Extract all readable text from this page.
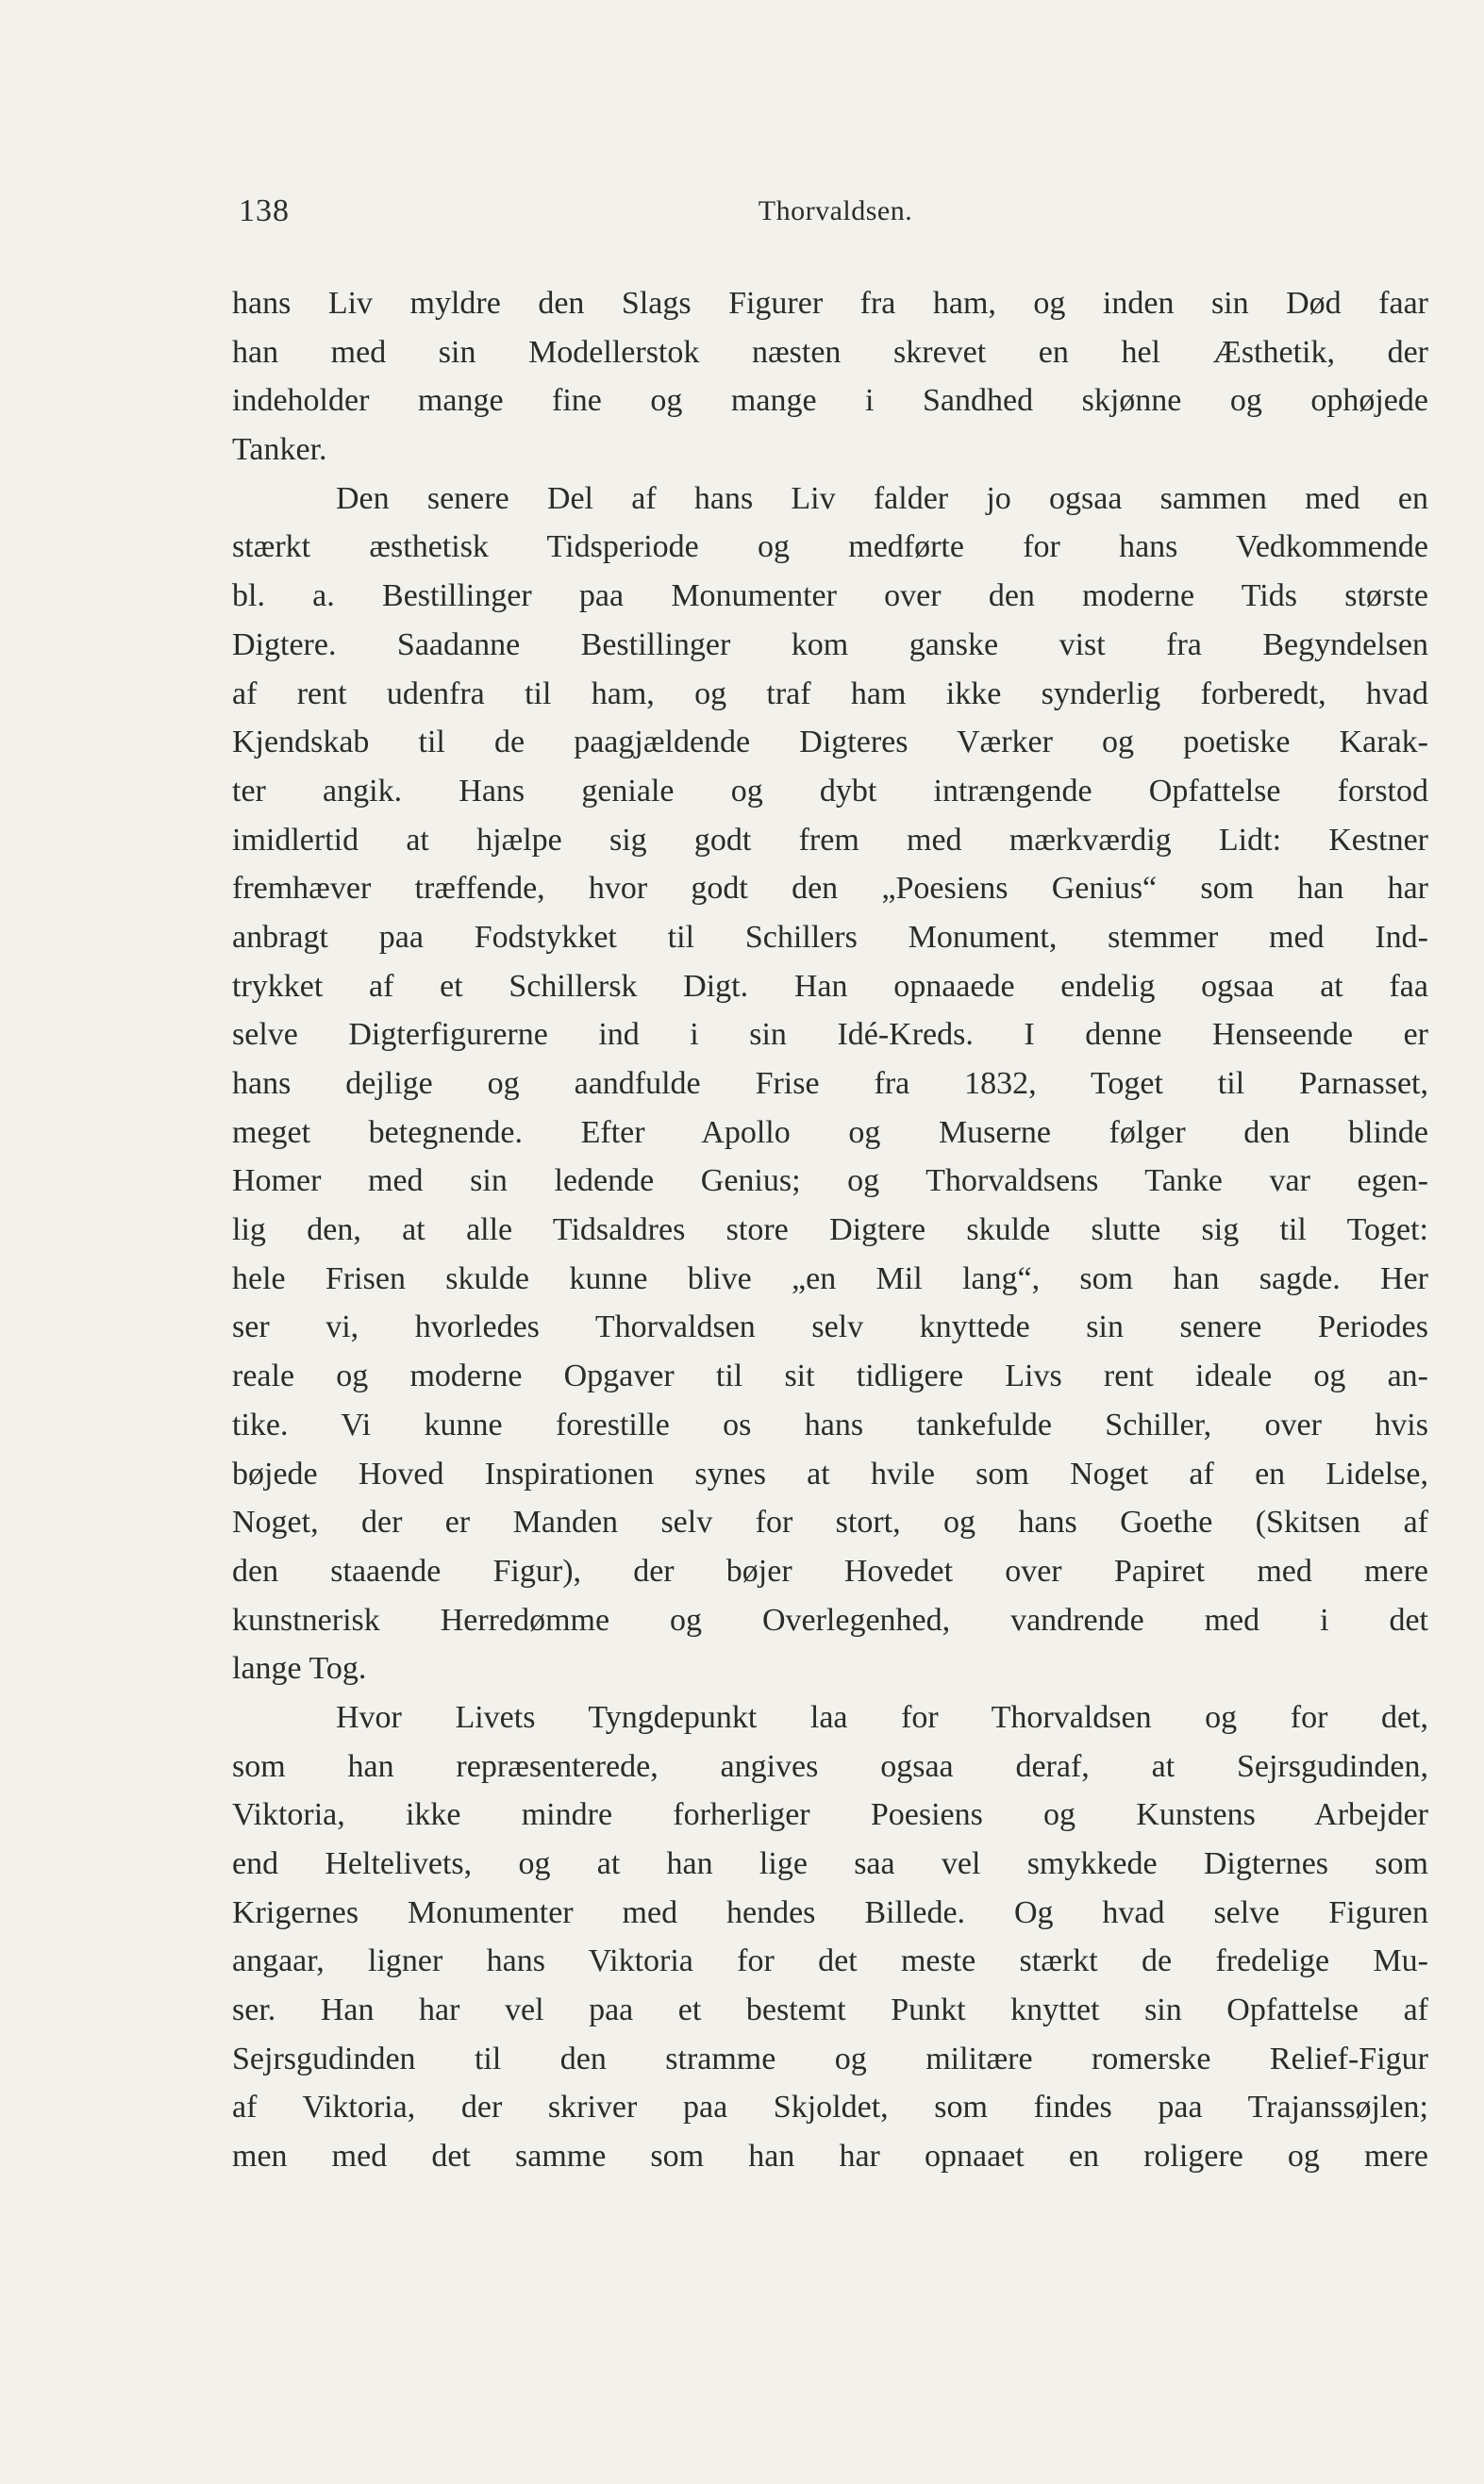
138	Thorvaldsen.
hans Liv myldre den Slags Figurer fra ham, og inden sin Død faar
han med sin Modellerstok næsten skrevet en hel Æsthetik, der
indeholder mange fine og mange i Sandhed skjønne og ophøjede
Tanker.
Den senere Del af hans Liv falder jo ogsaa sammen med en
stærkt æsthetisk Tidsperiode og medførte for hans Vedkommende
bl. a. Bestillinger paa Monumenter over den moderne Tids største
Digtere. Saadanne Bestillinger kom ganske vist fra Begyndelsen
af rent udenfra til ham, og traf ham ikke synderlig forberedt, hvad
Kjendskab til de paagjældende Digteres Værker og poetiske Karak-
ter angik. Hans geniale og dybt intrængende Opfattelse forstod
imidlertid at hjælpe sig godt frem med mærkværdig Lidt: Kestner
fremhæver træffende, hvor godt den „Poesiens Genius“ som han har
anbragt paa Fodstykket til Schillers Monument, stemmer med Ind-
trykket af et Schillersk Digt. Han opnaaede endelig ogsaa at faa
selve Digterfigurerne ind i sin Idé-Kreds. I denne Henseende er
hans dejlige og aandfulde Frise fra 1832, Toget til Parnasset,
meget betegnende. Efter Apollo og Muserne følger den blinde
Homer med sin ledende Genius; og Thorvaldsens Tanke var egen-
lig den, at alle Tidsaldres store Digtere skulde slutte sig til Toget:
hele Frisen skulde kunne blive „en Mil lang“, som han sagde. Her
ser vi, hvorledes Thorvaldsen selv knyttede sin senere Periodes
reale og moderne Opgaver til sit tidligere Livs rent ideale og an-
tike. Vi kunne forestille os hans tankefulde Schiller, over hvis
bøjede Hoved Inspirationen synes at hvile som Noget af en Lidelse,
Noget, der er Manden selv for stort, og hans Goethe (Skitsen af
den staaende Figur), der bøjer Hovedet over Papiret med mere
kunstnerisk Herredømme og Overlegenhed, vandrende med i det
lange Tog.
Hvor Livets Tyngdepunkt laa for Thorvaldsen og for det,
som han repræsenterede, angives ogsaa deraf, at Sejrsgudinden,
Viktoria, ikke mindre forherliger Poesiens og Kunstens Arbejder
end Heltelivets, og at han lige saa vel smykkede Digternes som
Krigernes Monumenter med hendes Billede. Og hvad selve Figuren
angaar, ligner hans Viktoria for det meste stærkt de fredelige Mu-
ser. Han har vel paa et bestemt Punkt knyttet sin Opfattelse af
Sejrsgudinden til den stramme og militære romerske Relief-Figur
af Viktoria, der skriver paa Skjoldet, som findes paa Trajanssøjlen;
men med det samme som han har opnaaet en roligere og mere
